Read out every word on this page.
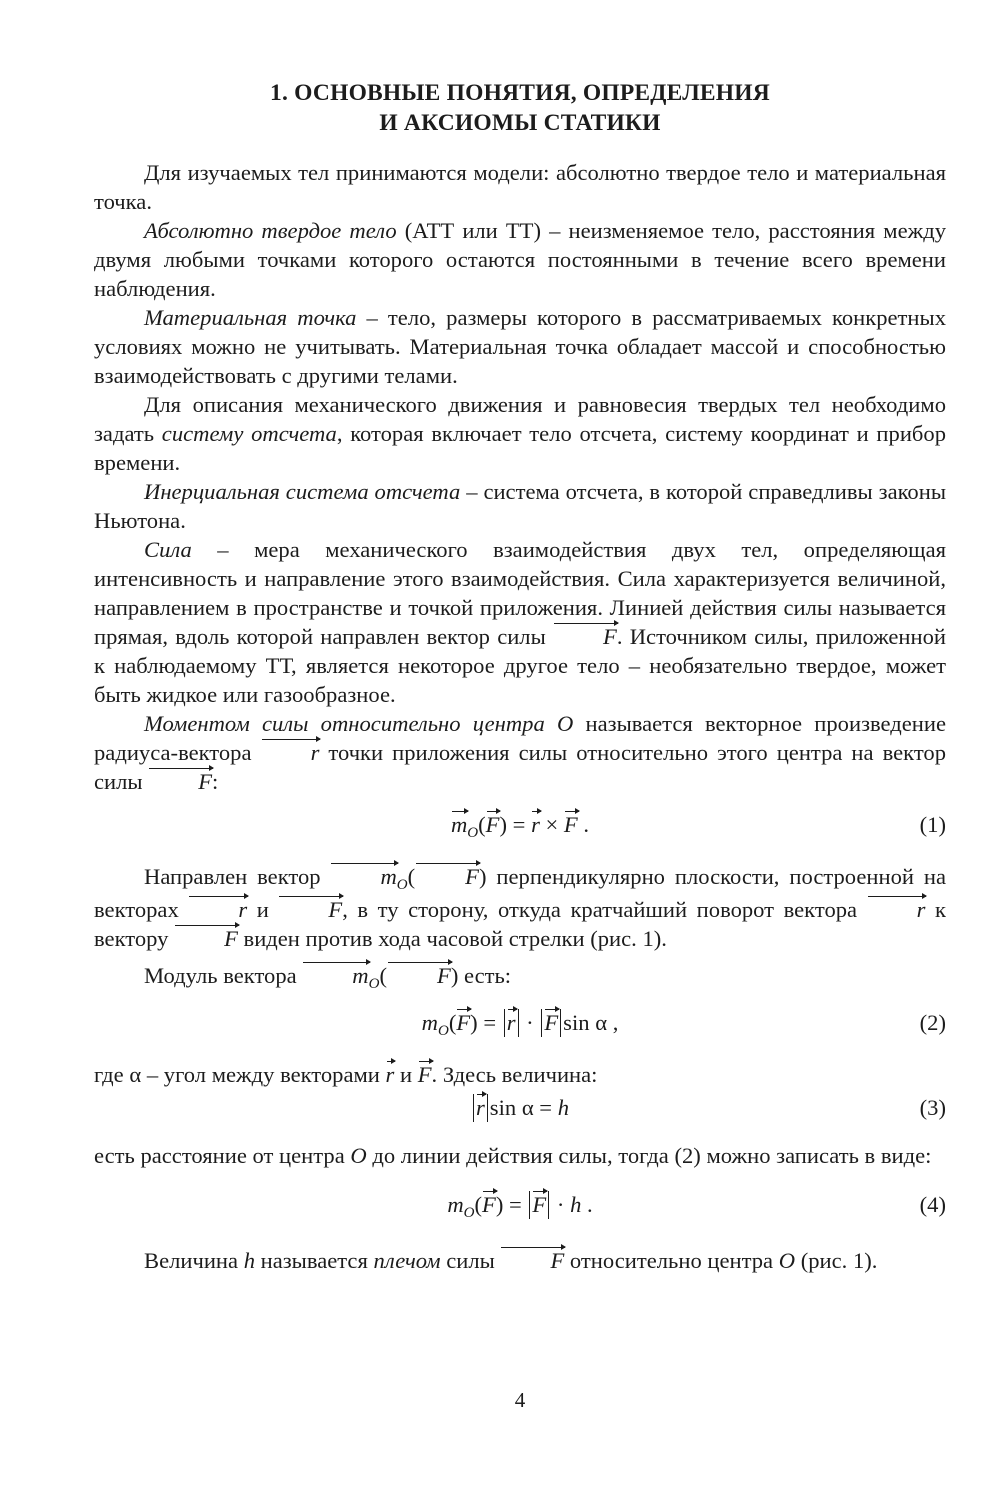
1. ОСНОВНЫЕ ПОНЯТИЯ, ОПРЕДЕЛЕНИЯ
И АКСИОМЫ СТАТИКИ

Для изучаемых тел принимаются модели: абсолютно твердое тело и материальная точка.

Абсолютно твердое тело (АТТ или ТТ) – неизменяемое тело, расстояния между двумя любыми точками которого остаются постоянными в течение всего времени наблюдения.

Материальная точка – тело, размеры которого в рассматриваемых конкретных условиях можно не учитывать. Материальная точка обладает массой и способностью взаимодействовать с другими телами.

Для описания механического движения и равновесия твердых тел необходимо задать систему отсчета, которая включает тело отсчета, систему координат и прибор времени.

Инерциальная система отсчета – система отсчета, в которой справедливы законы Ньютона.

Сила – мера механического взаимодействия двух тел, определяющая интенсивность и направление этого взаимодействия. Сила характеризуется величиной, направлением в пространстве и точкой приложения. Линией действия силы называется прямая, вдоль которой направлен вектор силы F. Источником силы, приложенной к наблюдаемому ТТ, является некоторое другое тело – необязательно твердое, может быть жидкое или газообразное.

Моментом силы относительно центра O называется векторное произведение радиуса-вектора r точки приложения силы относительно этого центра на вектор силы F:

$m_O(F) = r \times F$ .	(1)

Направлен вектор $m_O$( F) перпендикулярно плоскости, построенной на векторах r и F, в ту сторону, откуда кратчайший поворот вектора r к вектору F виден против хода часовой стрелки (рис. 1).

Модуль вектора $m_O$( F) есть:

$m_O(F) = r \cdot F$ sin α ,	(2)

где α – угол между векторами r и F. Здесь величина:

r sin α = h	(3)

есть расстояние от центра O до линии действия силы, тогда (2) можно записать в виде:

$m_O(F) = F \cdot h$ .	(4)

Величина h называется плечом силы F относительно центра O (рис. 1).

4
